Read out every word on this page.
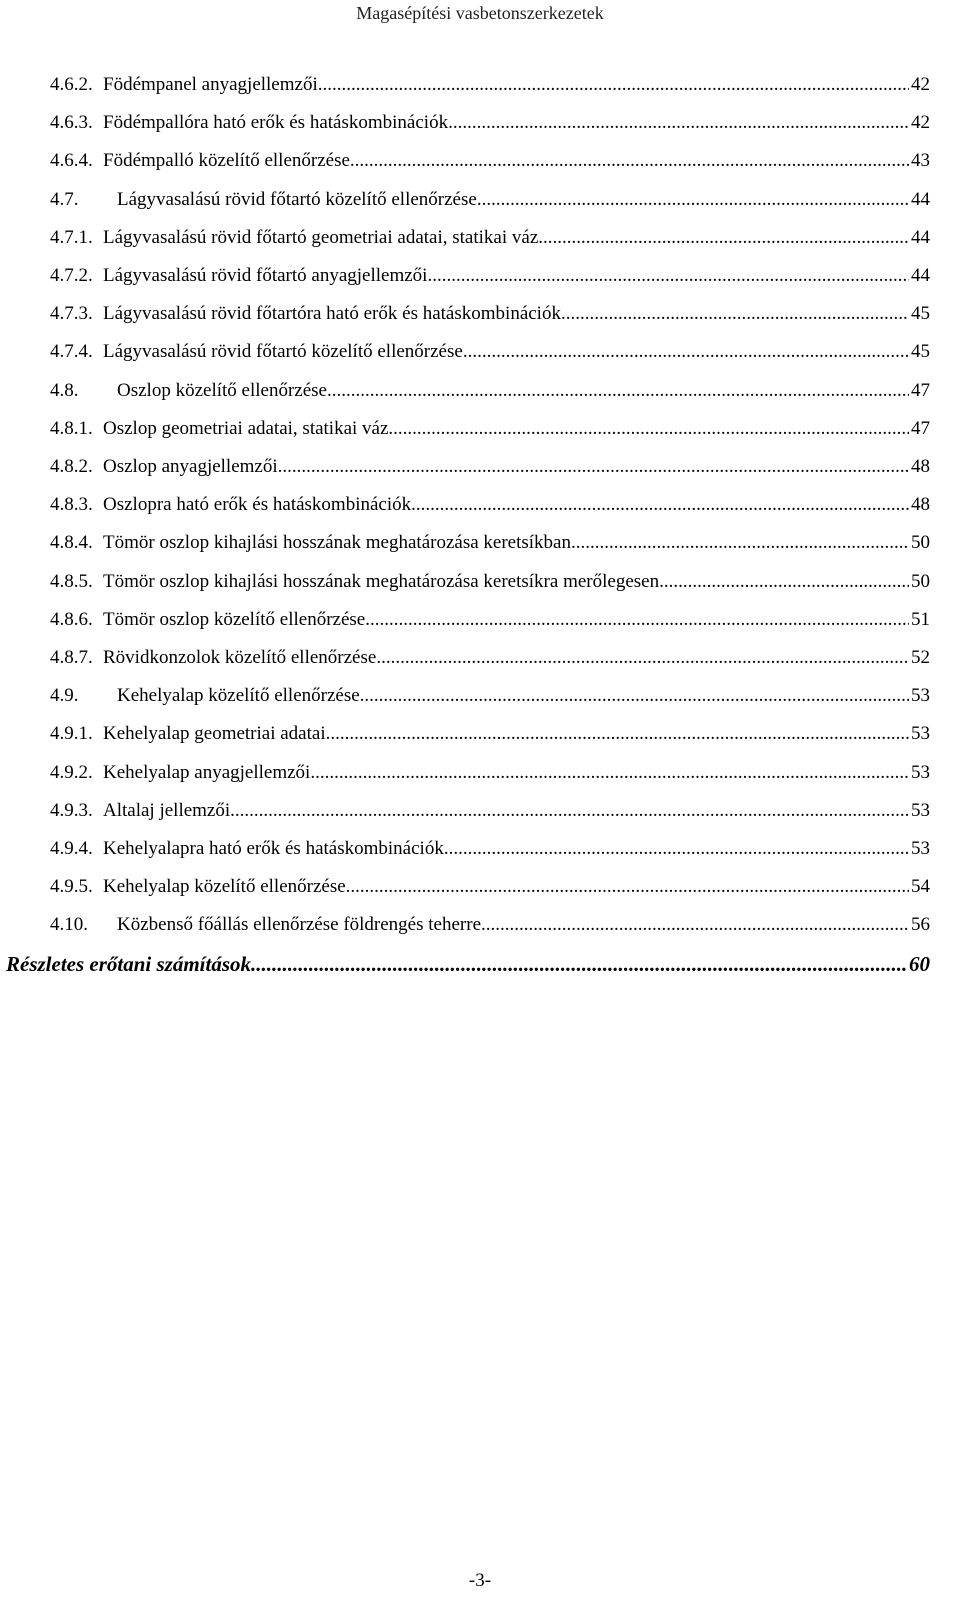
Magasépítési vasbetonszerkezetek
4.6.2. Födémpanel anyagjellemzői .....	42
4.6.3. Födémpallóra ható erők és hatáskombinációk .....	42
4.6.4. Födémpalló közelítő ellenőrzése .....	43
4.7. Lágyvasalású rövid főtartó közelítő ellenőrzése .....	44
4.7.1. Lágyvasalású rövid főtartó geometriai adatai, statikai váz .....	44
4.7.2. Lágyvasalású rövid főtartó anyagjellemzői .....	44
4.7.3. Lágyvasalású rövid főtartóra ható erők és hatáskombinációk .....	45
4.7.4. Lágyvasalású rövid főtartó közelítő ellenőrzése .....	45
4.8. Oszlop közelítő ellenőrzése .....	47
4.8.1. Oszlop geometriai adatai, statikai váz .....	47
4.8.2. Oszlop anyagjellemzői .....	48
4.8.3. Oszlopra ható erők és hatáskombinációk .....	48
4.8.4. Tömör oszlop kihajlási hosszának meghatározása keretsíkban .....	50
4.8.5. Tömör oszlop kihajlási hosszának meghatározása keretsíkra merőlegesen .....	50
4.8.6. Tömör oszlop közelítő ellenőrzése .....	51
4.8.7. Rövidkonzolok közelítő ellenőrzése .....	52
4.9. Kehelyalap közelítő ellenőrzése .....	53
4.9.1. Kehelyalap geometriai adatai .....	53
4.9.2. Kehelyalap anyagjellemzői .....	53
4.9.3. Altalaj jellemzői .....	53
4.9.4. Kehelyalapra ható erők és hatáskombinációk .....	53
4.9.5. Kehelyalap közelítő ellenőrzése .....	54
4.10. Közbenső főállás ellenőrzése földrengés teherre .....	56
Részletes erőtani számítások .....	60
-3-
